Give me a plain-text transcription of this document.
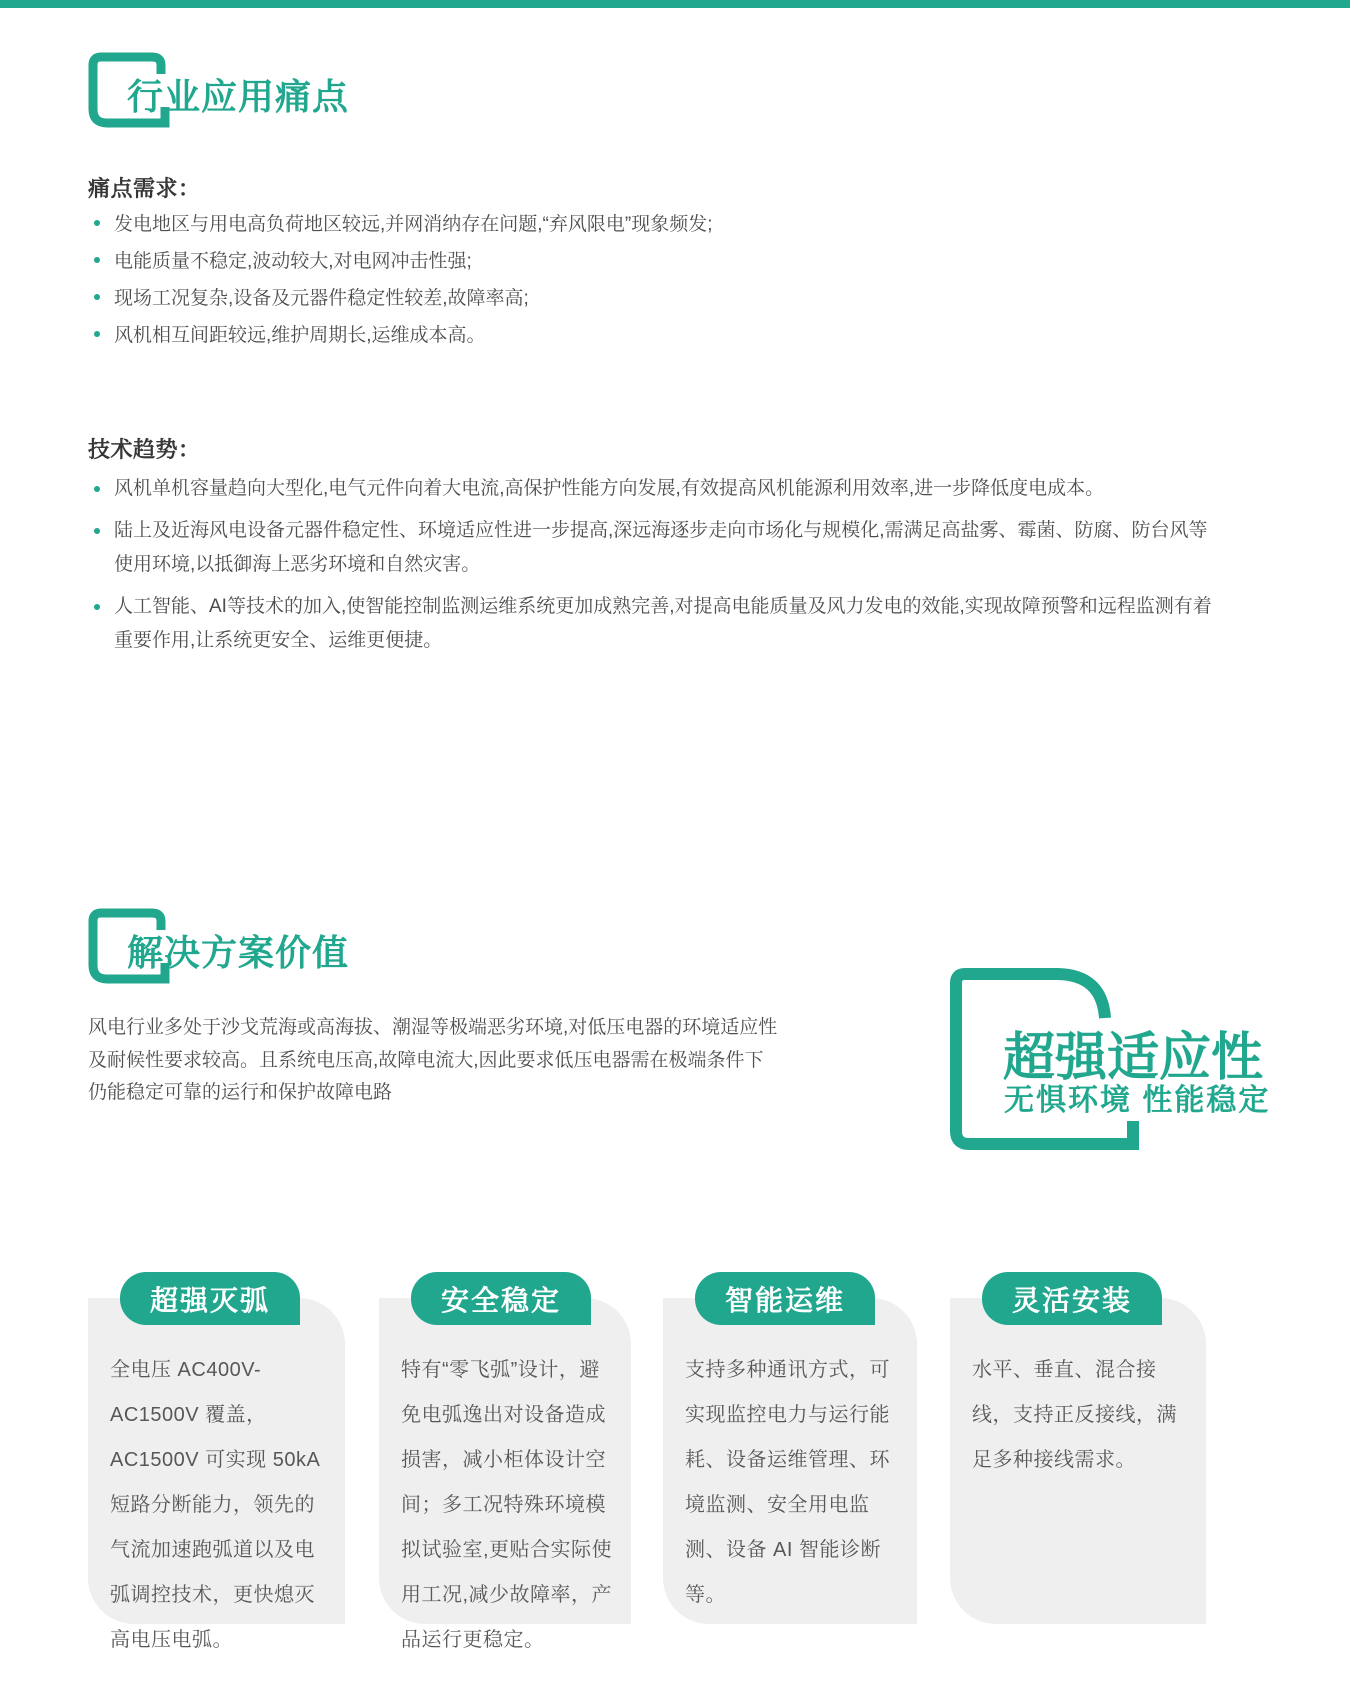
行业应用痛点
痛点需求：
发电地区与用电高负荷地区较远,并网消纳存在问题,“弃风限电”现象频发;
电能质量不稳定,波动较大,对电网冲击性强;
现场工况复杂,设备及元器件稳定性较差,故障率高;
风机相互间距较远,维护周期长,运维成本高。
技术趋势：
风机单机容量趋向大型化,电气元件向着大电流,高保护性能方向发展,有效提高风机能源利用效率,进一步降低度电成本。
陆上及近海风电设备元器件稳定性、环境适应性进一步提高,深远海逐步走向市场化与规模化,需满足高盐雾、霉菌、防腐、防台风等使用环境,以抵御海上恶劣环境和自然灾害。
人工智能、AI等技术的加入,使智能控制监测运维系统更加成熟完善,对提高电能质量及风力发电的效能,实现故障预警和远程监测有着重要作用,让系统更安全、运维更便捷。
解决方案价值
风电行业多处于沙戈荒海或高海拔、潮湿等极端恶劣环境,对低压电器的环境适应性及耐候性要求较高。且系统电压高,故障电流大,因此要求低压电器需在极端条件下仍能稳定可靠的运行和保护故障电路
超强适应性
无惧环境 性能稳定
超强灭弧
全电压 AC400V-AC1500V 覆盖，AC1500V 可实现 50kA 短路分断能力，领先的气流加速跑弧道以及电弧调控技术，更快熄灭高电压电弧。
安全稳定
特有“零飞弧”设计，避免电弧逸出对设备造成损害，减小柜体设计空间；多工况特殊环境模拟试验室,更贴合实际使用工况,减少故障率，产品运行更稳定。
智能运维
支持多种通讯方式，可实现监控电力与运行能耗、设备运维管理、环境监测、安全用电监测、设备 AI 智能诊断等。
灵活安装
水平、垂直、混合接线，支持正反接线，满足多种接线需求。
